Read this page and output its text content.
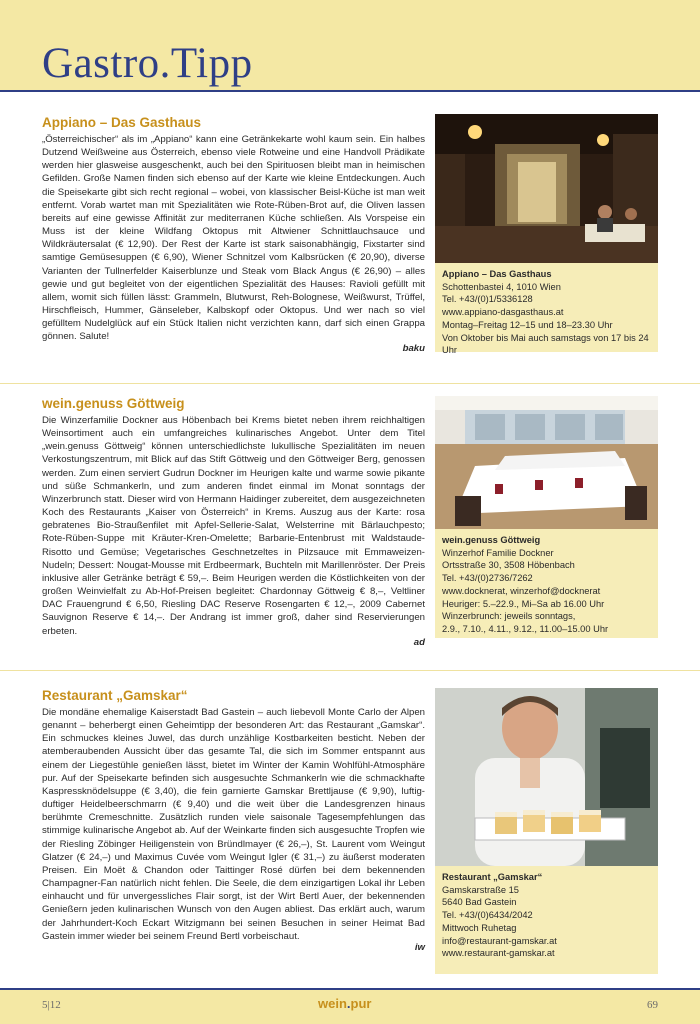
Gastro.Tipp
Appiano – Das Gasthaus

„Österreichischer“ als im „Appiano“ kann eine Getränkekarte wohl kaum sein. Ein halbes Dutzend Weißweine aus Österreich, ebenso viele Rotweine und eine Handvoll Prädikate werden hier glasweise ausgeschenkt, auch bei den Spirituosen bleibt man in heimischen Gefilden. Große Namen finden sich ebenso auf der Karte wie kleine Entdeckungen. Auch die Speisekarte gibt sich recht regional – wobei, von klassischer Beisl-Küche ist man weit entfernt. Vorab wartet man mit Spezialitäten wie Rote-Rüben-Brot auf, die Oliven lassen bereits auf eine gewisse Affinität zur mediterranen Küche schließen. Als Vorspeise ein Muss ist der kleine Wildfang Oktopus mit Altwiener Schnittlauchsauce und Wildkräutersalat (€ 12,90). Der Rest der Karte ist stark saisonabhängig, Fixstarter sind samtige Gemüsesuppen (€ 6,90), Wiener Schnitzel vom Kalbsrücken (€ 20,90), diverse Varianten der Tullnerfelder Kaiserblunze und Steak vom Black Angus (€ 26,90) – alles gewie und gut begleitet von der eigentlichen Spezialität des Hauses: Ravioli gefüllt mit allem, womit sich füllen lässt: Grammeln, Blutwurst, Reh-Bolognese, Weißwurst, Trüffel, Hirschfleisch, Hummer, Gänseleber, Kalbskopf oder Oktopus. Und wer nach so viel gefülltem Nudelglück auf ein Stück Italien nicht verzichten kann, darf sich einen Grappa gönnen. Salute!

baku
Appiano – Das Gasthaus
Schottenbastei 4, 1010 Wien
Tel. +43/(0)1/5336128
www.appiano-dasgasthaus.at
Montag–Freitag 12–15 und 18–23.30 Uhr
Von Oktober bis Mai auch samstags von 17 bis 24 Uhr
wein.genuss Göttweig

Die Winzerfamilie Dockner aus Höbenbach bei Krems bietet neben ihrem reichhaltigen Weinsortiment auch ein umfangreiches kulinarisches Angebot. Unter dem Titel „wein.genuss Göttweig“ können unterschiedlichste lukullische Spezialitäten im neuen Verkostungszentrum, mit Blick auf das Stift Göttweig und den Göttweiger Berg, genossen werden. Zum einen serviert Gudrun Dockner im Heurigen kalte und warme sowie pikante und süße Schmankerln, und zum anderen findet einmal im Monat sonntags der Winzerbrunch statt. Dieser wird von Hermann Haidinger zubereitet, dem ausgezeichneten Koch des Restaurants „Kaiser von Österreich“ in Krems. Auszug aus der Karte: rosa gebratenes Bio-Straußenfilet mit Apfel-Sellerie-Salat, Welsterrine mit Bärlauchpesto; Rote-Rüben-Suppe mit Kräuter-Kren-Omelette; Barbarie-Entenbrust mit Waldstaude-Risotto und Gemüse; Vegetarisches Geschnetzeltes in Pilzsauce mit Emmaweizen-Nudeln; Dessert: Nougat-Mousse mit Erdbeermark, Buchteln mit Marillenröster. Der Preis inklusive aller Getränke beträgt € 59,–. Beim Heurigen werden die Köstlichkeiten von der großen Weinvielfalt zu Ab-Hof-Preisen begleitet: Chardonnay Göttweig € 8,–, Veltliner DAC Frauengrund € 6,50, Riesling DAC Reserve Rosengarten € 12,–, 2009 Cabernet Sauvignon Reserve € 14,–. Der Andrang ist immer groß, daher sind Reservierungen erbeten.

ad
wein.genuss Göttweig
Winzerhof Familie Dockner
Ortsstraße 30, 3508 Höbenbach
Tel. +43/(0)2736/7262
www.docknerat, winzerhof@docknerat
Heuriger: 5.–22.9., Mi–Sa ab 16.00 Uhr
Winzerbrunch: jeweils sonntags,
2.9., 7.10., 4.11., 9.12., 11.00–15.00 Uhr
Restaurant „Gamskar“

Die mondäne ehemalige Kaiserstadt Bad Gastein – auch liebevoll Monte Carlo der Alpen genannt – beherbergt einen Geheimtipp der besonderen Art: das Restaurant „Gamskar“. Ein schmuckes kleines Juwel, das durch unzählige Kostbarkeiten besticht. Neben der atemberaubenden Aussicht über das gesamte Tal, die sich im Sommer entspannt aus einem der Liegestühle genießen lässt, bietet im Winter der Kamin Wohlfühl-Atmosphäre pur. Auf der Speisekarte befinden sich ausgesuchte Schmankerln wie die schmackhafte Kaspressknödelsuppe (€ 3,40), die fein garnierte Gamskar Brettljause (€ 9,90), luftig-duftiger Heidelbeerschmarrn (€ 9,40) und die weit über die Landesgrenzen hinaus berühmte Cremeschnitte. Zusätzlich runden viele saisonale Tagesempfehlungen das stimmige kulinarische Angebot ab. Auf der Weinkarte finden sich ausgesuchte Tropfen wie der Riesling Zöbinger Heiligenstein von Bründlmayer (€ 26,–), St. Laurent vom Weingut Glatzer (€ 24,–) und Maximus Cuvée vom Weingut Igler (€ 31,–) zu äußerst moderaten Preisen. Ein Moët & Chandon oder Taittinger Rosé dürfen bei dem bekennenden Champagner-Fan natürlich nicht fehlen. Die Seele, die dem einzigartigen Lokal ihr Leben einhaucht und für unvergessliches Flair sorgt, ist der Wirt Bertl Auer, der bekennenden Genießern jeden kulinarischen Wunsch von den Augen abliest. Das erklärt auch, warum der Jahrhundert-Koch Eckart Witzigmann bei seinen Besuchen in seiner Heimat Bad Gastein immer wieder bei seinem Freund Bertl vorbeischaut.

iw
Restaurant „Gamskar“
Gamskarstraße 15
5640 Bad Gastein
Tel. +43/(0)6434/2042
Mittwoch Ruhetag
info@restaurant-gamskar.at
www.restaurant-gamskar.at
5|12	wein.pur	69
